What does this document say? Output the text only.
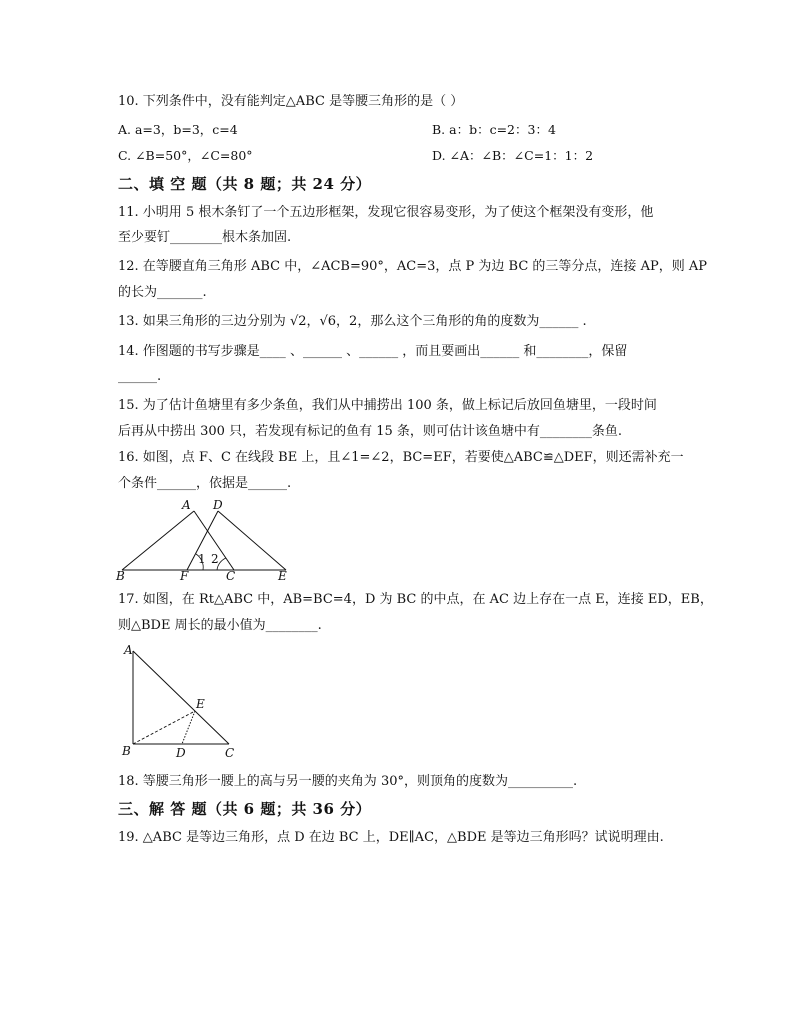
10. 下列条件中，没有能判定△ABC 是等腰三角形的是（ ）
A. a=3，b=3，c=4	B. a：b：c=2：3：4
C. ∠B=50°，∠C=80°	D. ∠A：∠B：∠C=1：1：2
二、填 空 题（共 8 题；共 24 分）
11. 小明用 5 根木条钉了一个五边形框架，发现它很容易变形，为了使这个框架没有变形，他
至少要钉________根木条加固.
12. 在等腰直角三角形 ABC 中，∠ACB=90°，AC=3，点 P 为边 BC 的三等分点，连接 AP，则 AP
的长为_______.
13. 如果三角形的三边分别为 √2，√6，2，那么这个三角形的角的度数为______ .
14. 作图题的书写步骤是____ 、______ 、______ ，而且要画出______ 和________，保留
______.
15. 为了估计鱼塘里有多少条鱼，我们从中捕捞出 100 条，做上标记后放回鱼塘里，一段时间
后再从中捞出 300 只，若发现有标记的鱼有 15 条，则可估计该鱼塘中有________条鱼.
16. 如图，点 F、C 在线段 BE 上，且∠1=∠2，BC=EF，若要使△ABC≌△DEF，则还需补充一
个条件______，依据是______.
A D
B	F	C	E
1 2
17. 如图，在 Rt△ABC 中，AB=BC=4，D 为 BC 的中点，在 AC 边上存在一点 E，连接 ED，EB，
则△BDE 周长的最小值为________.
A
E
B	D	C
18. 等腰三角形一腰上的高与另一腰的夹角为 30°，则顶角的度数为__________.
三、解 答 题（共 6 题；共 36 分）
19. △ABC 是等边三角形，点 D 在边 BC 上，DE∥AC，△BDE 是等边三角形吗？试说明理由.
